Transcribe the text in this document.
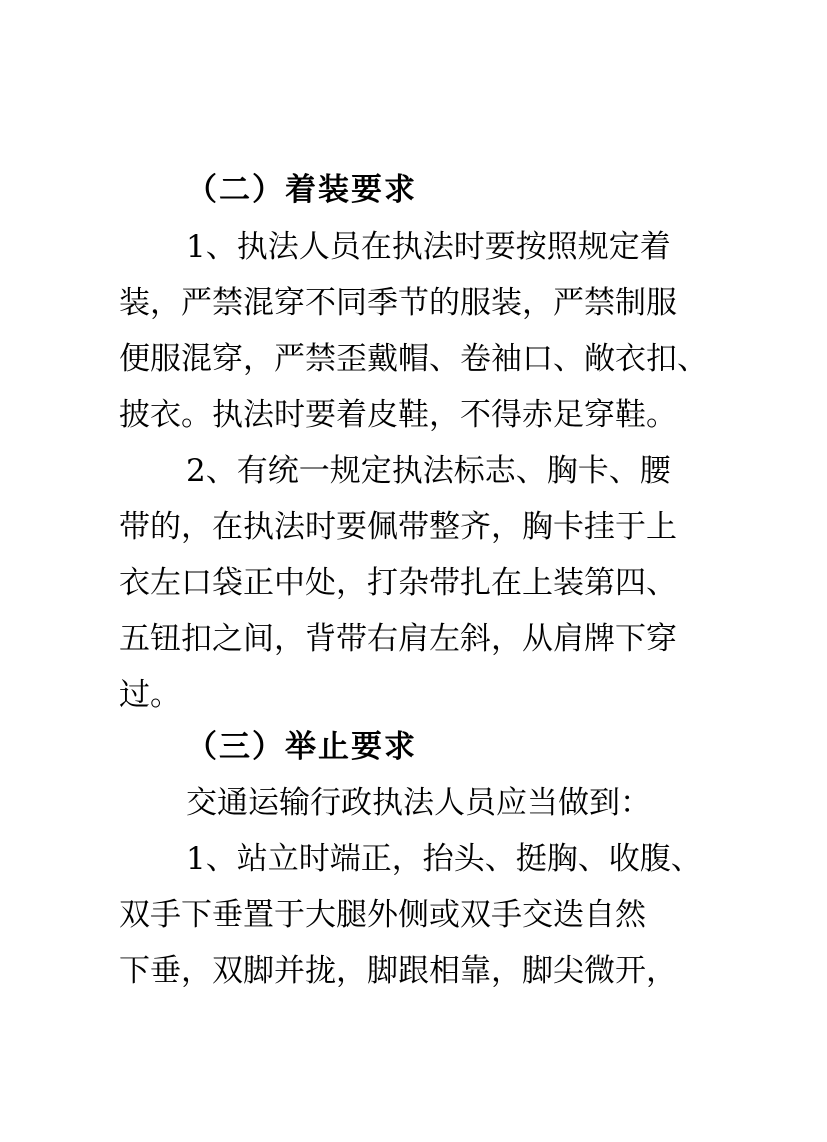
（二）着装要求

1、执法人员在执法时要按照规定着

装，严禁混穿不同季节的服装，严禁制服

便服混穿，严禁歪戴帽、卷袖口、敞衣扣、

披衣。执法时要着皮鞋，不得赤足穿鞋。

2、有统一规定执法标志、胸卡、腰

带的，在执法时要佩带整齐，胸卡挂于上

衣左口袋正中处，打杂带扎在上装第四、

五钮扣之间，背带右肩左斜，从肩牌下穿

过。

（三）举止要求

交通运输行政执法人员应当做到：

1、站立时端正，抬头、挺胸、收腹、

双手下垂置于大腿外侧或双手交迭自然

下垂，双脚并拢，脚跟相靠，脚尖微开，
